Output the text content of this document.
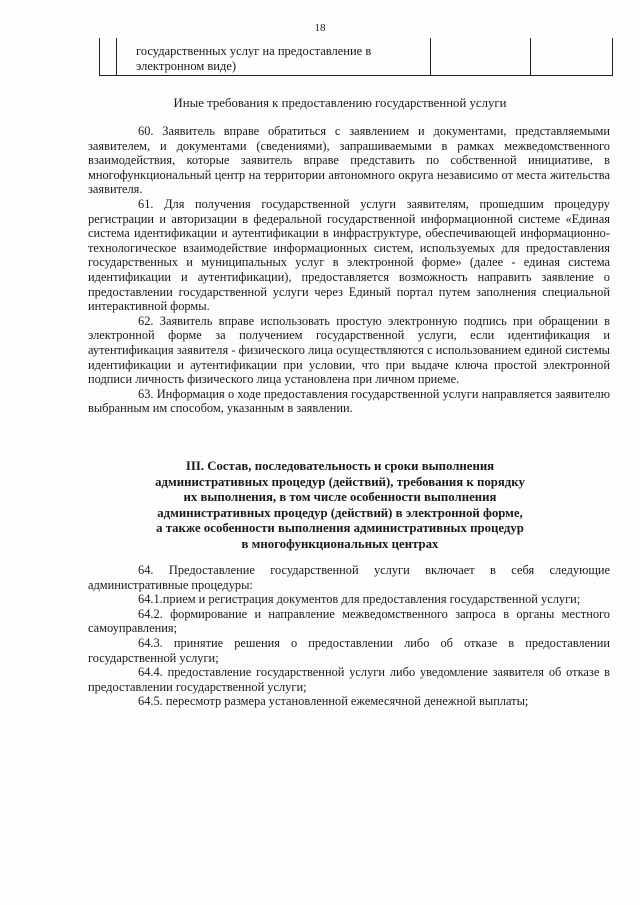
18
государственных услуг на предоставление в электронном виде)
Иные требования к предоставлению государственной услуги

60. Заявитель вправе обратиться с заявлением и документами, представляемыми заявителем, и документами (сведениями), запрашиваемыми в рамках межведомственного взаимодействия, которые заявитель вправе представить по собственной инициативе, в многофункциональный центр на территории автономного округа независимо от места жительства заявителя.

61. Для получения государственной услуги заявителям, прошедшим процедуру регистрации и авторизации в федеральной государственной информационной системе «Единая система идентификации и аутентификации в инфраструктуре, обеспечивающей информационно-технологическое взаимодействие информационных систем, используемых для предоставления государственных и муниципальных услуг в электронной форме» (далее - единая система идентификации и аутентификации), предоставляется возможность направить заявление о предоставлении государственной услуги через Единый портал путем заполнения специальной интерактивной формы.

62. Заявитель вправе использовать простую электронную подпись при обращении в электронной форме за получением государственной услуги, если идентификация и аутентификация заявителя - физического лица осуществляются с использованием единой системы идентификации и аутентификации при условии, что при выдаче ключа простой электронной подписи личность физического лица установлена при личном приеме.

63. Информация о ходе предоставления государственной услуги направляется заявителю выбранным им способом, указанным в заявлении.

III. Состав, последовательность и сроки выполнения
административных процедур (действий), требования к порядку
их выполнения, в том числе особенности выполнения
административных процедур (действий) в электронной форме,
а также особенности выполнения административных процедур
в многофункциональных центрах

64. Предоставление государственной услуги включает в себя следующие административные процедуры:

64.1.прием и регистрация документов для предоставления государственной услуги;

64.2. формирование и направление межведомственного запроса в органы местного самоуправления;

64.3. принятие решения о предоставлении либо об отказе в предоставлении государственной услуги;

64.4. предоставление государственной услуги либо уведомление заявителя об отказе в предоставлении государственной услуги;

64.5. пересмотр размера установленной ежемесячной денежной выплаты;
